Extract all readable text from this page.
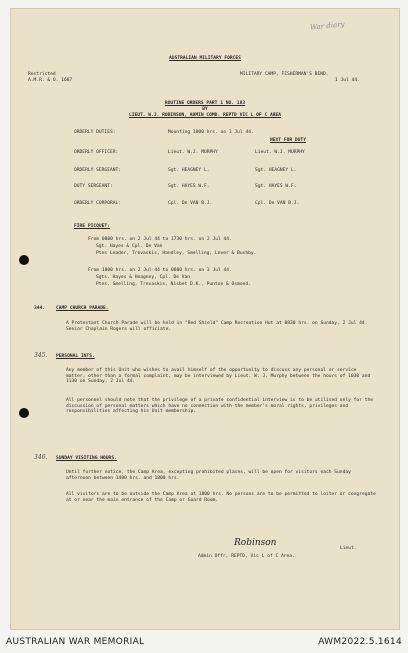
War diary
AUSTRALIAN MILITARY FORCES
Restricted
A.M.R. & O. 1687
MILITARY CAMP, FISHERMAN'S BEND.
1 Jul 44.
ROUTINE ORDERS PART 1 NO. 183
BY
LIEUT. W.J. ROBINSON, ADMIN COMD. REPTD VIC L OF C AREA
ORDERLY DUTIES:	Mounting 1000 hrs. on 1 Jul 44.
NEXT FOR DUTY
ORDERLY OFFICER:	Lieut. W.J. MURPHY	Lieut. W.J. MURPHY
ORDERLY SERGEANT:	Sgt. HEAGNEY L.	Sgt. HEAGNEY L.
DUTY SERGEANT:	Sgt. HAYES W.F.	Sgt. HAYES W.F.
ORDERLY CORPORAL:	Cpl. De VAN B.J.	Cpl. De VAN B.J.
FIRE PICQUET:
From 0800 hrs. on 2 Jul 44 to 1730 hrs. on 2 Jul 44.
Sgt. Hayes & Cpl. De Van
Ptes Leader, Trevaskis, Handley, Smelling, Lever & Bushby.
From 1800 hrs. on 2 Jul 44 to 0800 hrs. on 3 Jul 44.
Sgts. Hayes & Heagney, Cpl. De Van
Ptes. Smelling, Trevaskis, Nisbet D.K., Punton & Osmond.
344. CAMP CHURCH PARADE.
A Protestant Church Parade will be held in "Red Shield" Camp Recreation Hut at 0830 hrs. on Sunday, 2 Jul 44. Senior Chaplain Rogers will officiate.
345. PERSONAL INTS.
Any member of this Unit who wishes to avail himself of the opportunity to discuss any personal or service matter, other than a formal complaint, may be interviewed by Lieut. W. J. Murphy between the hours of 1030 and 1130 on Sunday, 2 Jul 44.
All personnel should note that the privilege of a private confidential interview is to be utilised only for the discussion of personal matters which have no connection with the member's moral rights, privileges and responsibilities affecting his Unit membership.
346. SUNDAY VISITING HOURS.
Until further notice, the Camp Area, excepting prohibited places, will be open for visitors each Sunday afternoon between 1400 hrs. and 1800 hrs.
All visitors are to be outside the Camp Area at 1800 hrs. No persons are to be permitted to loiter or congregate at or near the main entrance of the Camp or Guard Room.
Robinson
Lieut.
Admin Offr, REPTD, Vic L of C Area.
AUSTRALIAN WAR MEMORIAL	AWM2022.5.1614
